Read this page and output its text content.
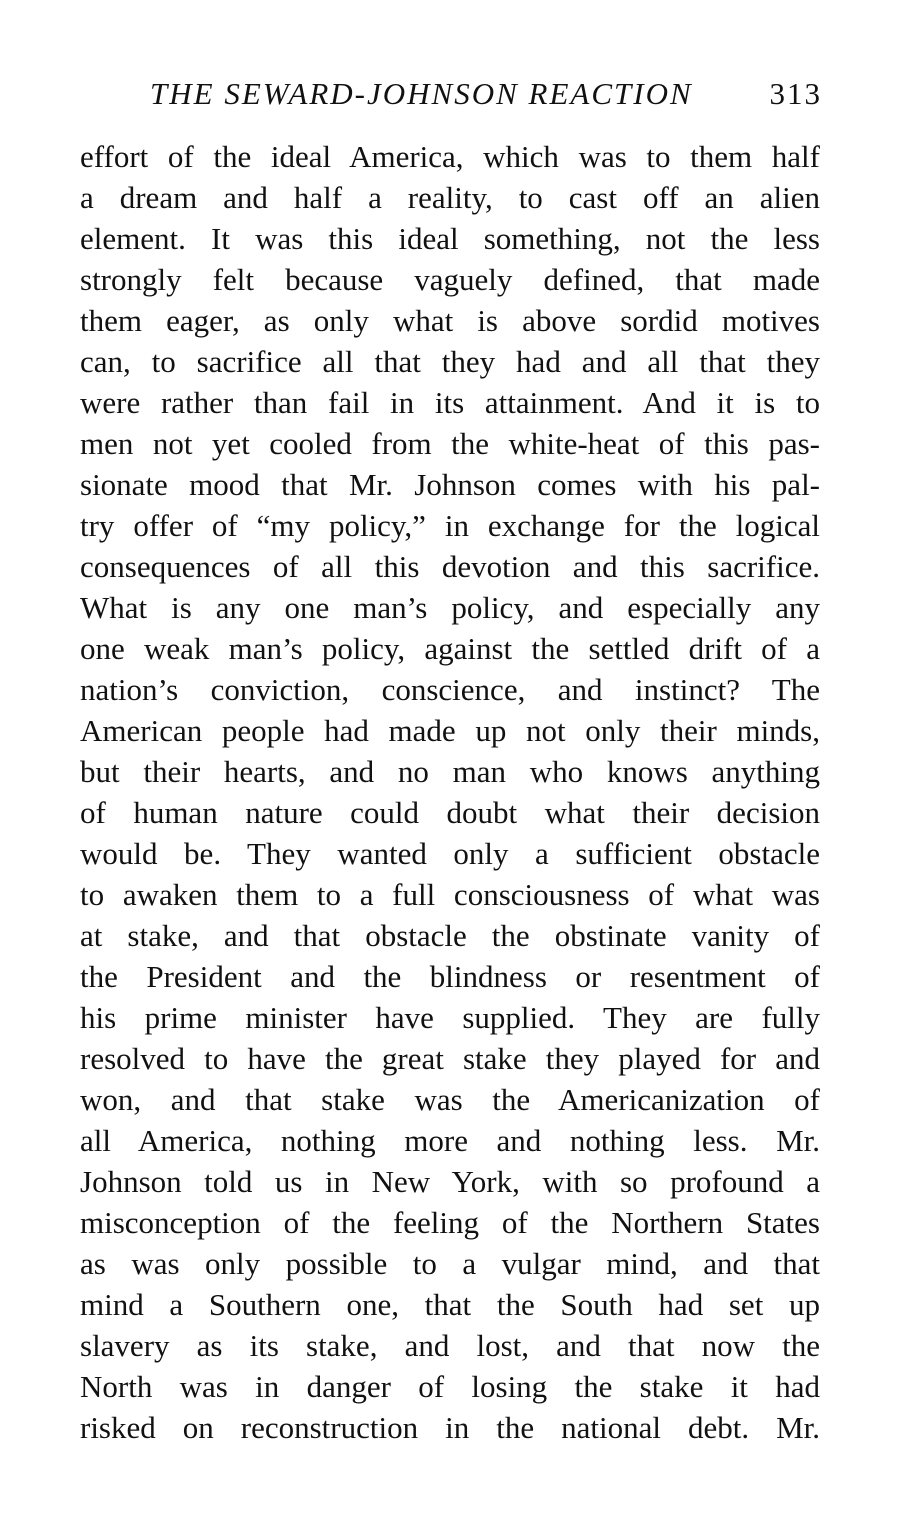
THE SEWARD-JOHNSON REACTION 313
effort of the ideal America, which was to them half
a dream and half a reality, to cast off an alien
element. It was this ideal something, not the less
strongly felt because vaguely defined, that made
them eager, as only what is above sordid motives
can, to sacrifice all that they had and all that they
were rather than fail in its attainment. And it is to
men not yet cooled from the white-heat of this pas-
sionate mood that Mr. Johnson comes with his pal-
try offer of “my policy,” in exchange for the logical
consequences of all this devotion and this sacrifice.
What is any one man’s policy, and especially any
one weak man’s policy, against the settled drift of a
nation’s conviction, conscience, and instinct? The
American people had made up not only their minds,
but their hearts, and no man who knows anything
of human nature could doubt what their decision
would be. They wanted only a sufficient obstacle
to awaken them to a full consciousness of what was
at stake, and that obstacle the obstinate vanity of
the President and the blindness or resentment of
his prime minister have supplied. They are fully
resolved to have the great stake they played for and
won, and that stake was the Americanization of
all America, nothing more and nothing less. Mr.
Johnson told us in New York, with so profound a
misconception of the feeling of the Northern States
as was only possible to a vulgar mind, and that
mind a Southern one, that the South had set up
slavery as its stake, and lost, and that now the
North was in danger of losing the stake it had
risked on reconstruction in the national debt. Mr.
